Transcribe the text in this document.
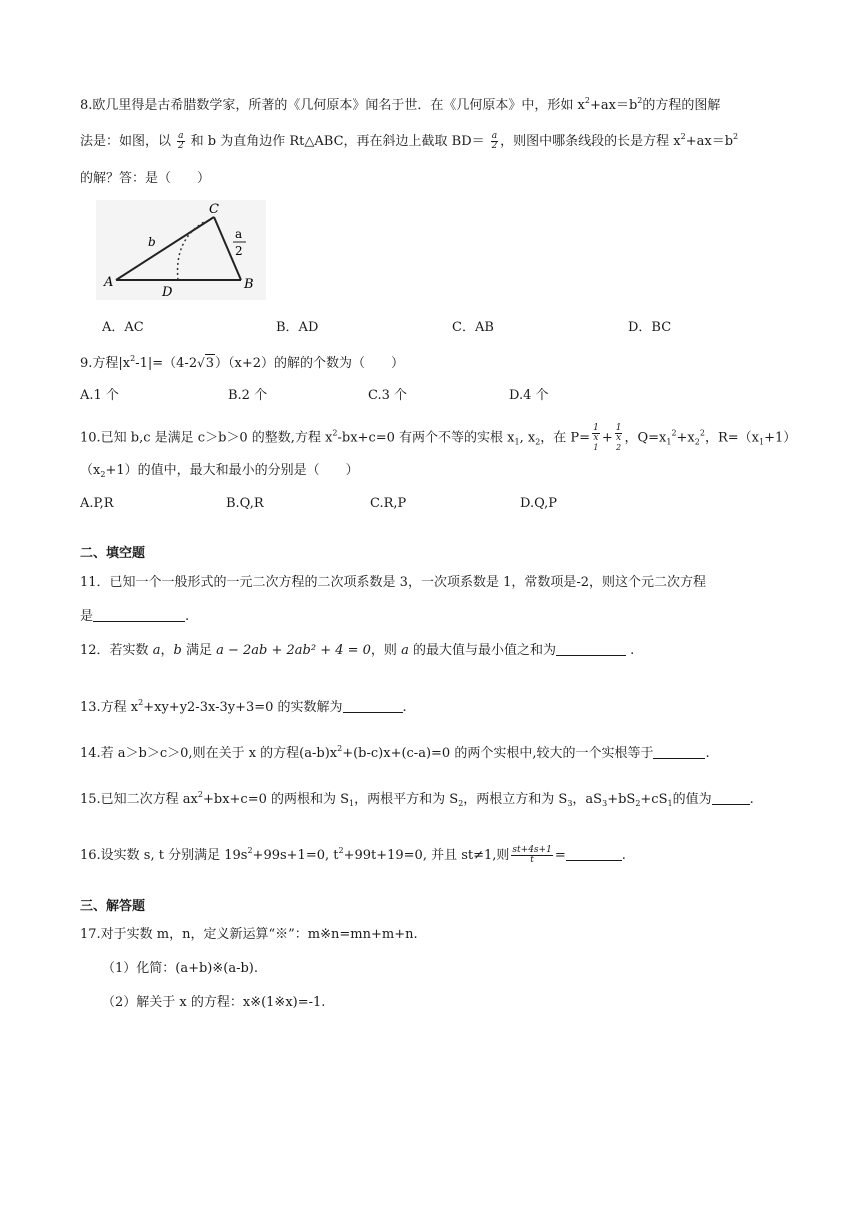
8.欧几里得是古希腊数学家，所著的《几何原本》闻名于世．在《几何原本》中，形如 $x^2+ax=b^2$的方程的图解
法是：如图，以 $\frac{a}{2}$ 和 b 为直角边作 Rt△ABC，再在斜边上截取 $BD= \frac{a}{2}$ ，则图中哪条线段的长是方程 $x^2+ax=b^2$
的解？答：是（　　）
A	B
C
D
b
a
2
A．AC	B．AD	C．AB	D．BC
9.方程$|x^2-1|=(4-2√3)(x+2)$的解的个数为（　　）
A.1 个	B.2 个	C.3 个	D.4 个
10.已知 b,c 是满足 c＞b＞0 的整数,方程 $x^2-bx+c=0$ 有两个不等的实根 $x_1$, $x_2$，在 P= 1
x
1 + 1
x
2 ，$Q=x_1^2+x_2^2$，$R=(x_1+1)$
$(x_2+1)$的值中，最大和最小的分别是（　　）
A.P,R	B.Q,R	C.R,P	D.Q,P
二、填空题
11．已知一个一般形式的一元二次方程的二次项系数是 3，一次项系数是 1，常数项是-2，则这个元二次方程
是	.
12．若实数 a，b 满足 a − 2ab + 2ab² + 4 = 0，则 a 的最大值与最小值之和为	.
13.方程 $x^2+xy+y2-3x-3y+3=0$ 的实数解为	.
14.若 a＞b＞c＞0,则在关于 x 的方程$(a-b)x^2+(b-c)x+(c-a)=0$ 的两个实根中,较大的一个实根等于	.
15.已知二次方程 $ax^2+bx+c=0$ 的两根和为 $S_1$，两根平方和为 $S_2$，两根立方和为 $S_3$，$aS_3+bS_2+cS_1$的值为	.
16.设实数 s, t 分别满足 $19s^2+99s+1=0$, $t^2+99t+19=0$, 并且 st≠1,则 $\frac{st+4s+1}{t}$ =	.
三、解答题
17.对于实数 m，n，定义新运算“※”：m※n=mn+m+n.
（1）化简：(a+b)※(a-b).
（2）解关于 x 的方程：x※(1※x)=-1.
